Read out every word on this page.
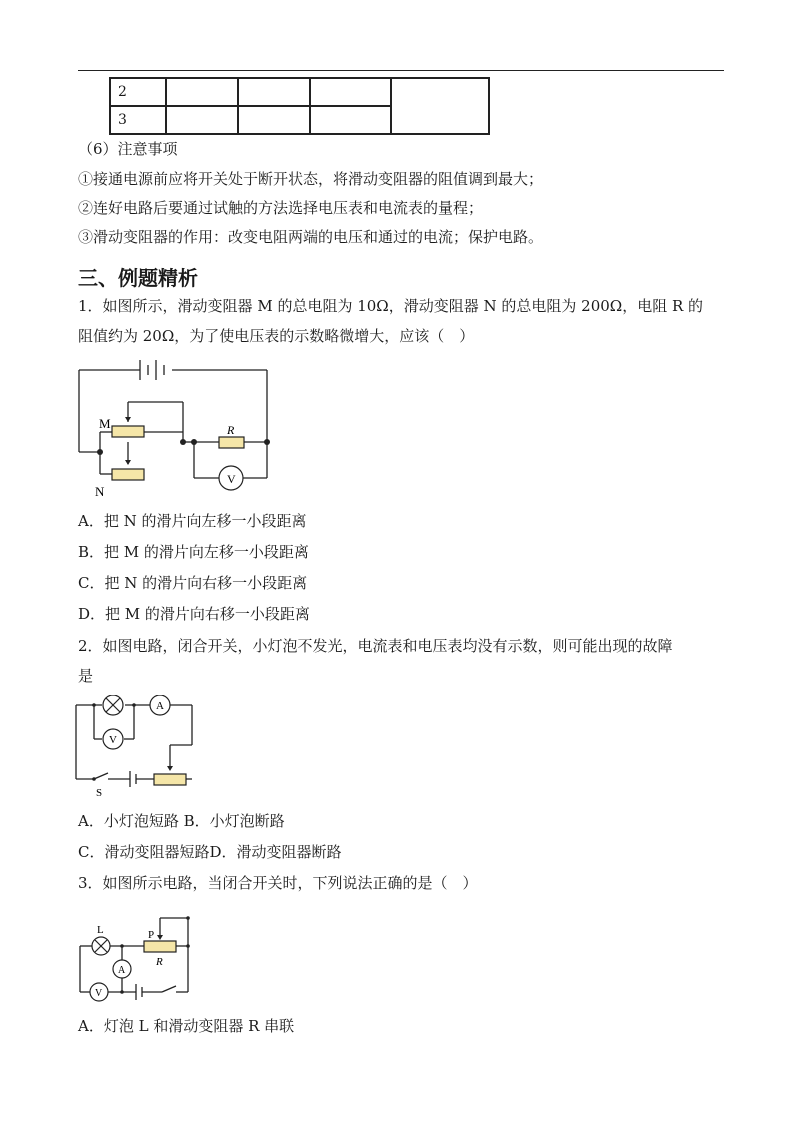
2				
3				
（6）注意事项
①接通电源前应将开关处于断开状态，将滑动变阻器的阻值调到最大；
②连好电路后要通过试触的方法选择电压表和电流表的量程；
③滑动变阻器的作用：改变电阻两端的电压和通过的电流；保护电路。
三、例题精析
1．如图所示，滑动变阻器 M 的总电阻为 10Ω，滑动变阻器 N 的总电阻为 200Ω，电阻 R 的
阻值约为 20Ω，为了使电压表的示数略微增大，应该（　）
M
N
R
V
A．把 N 的滑片向左移一小段距离
B．把 M 的滑片向左移一小段距离
C．把 N 的滑片向右移一小段距离
D．把 M 的滑片向右移一小段距离
2．如图电路，闭合开关，小灯泡不发光，电流表和电压表均没有示数，则可能出现的故障
是
A
V
S
A．小灯泡短路 B．小灯泡断路
C．滑动变阻器短路D．滑动变阻器断路
3．如图所示电路，当闭合开关时，下列说法正确的是（　）
L	P
R
A
V
A．灯泡 L 和滑动变阻器 R 串联
